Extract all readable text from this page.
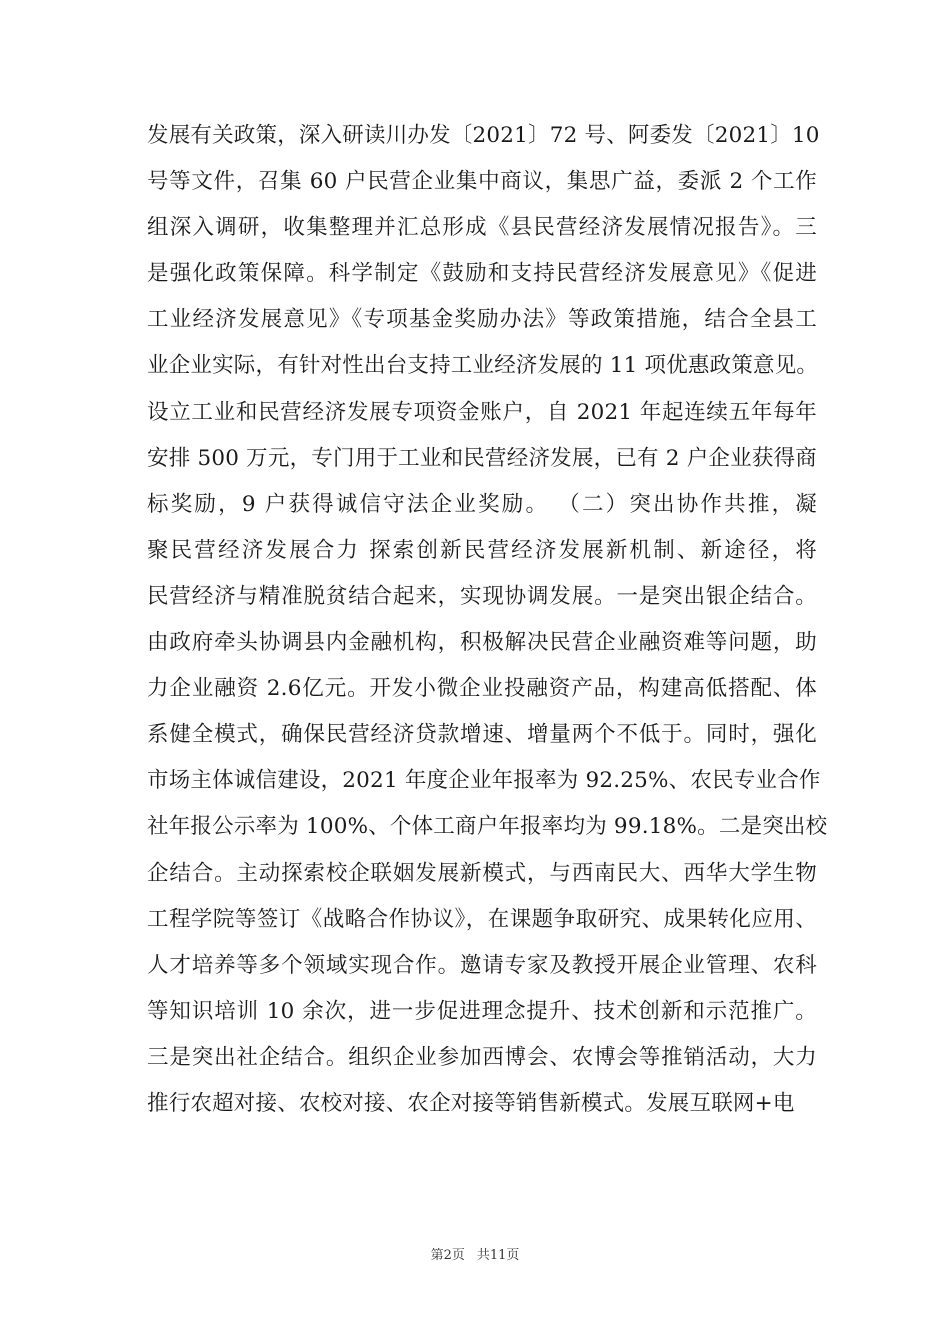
发展有关政策，深入研读川办发〔2021〕72 号、阿委发〔2021〕10
号等文件，召集 60 户民营企业集中商议，集思广益，委派 2 个工作
组深入调研，收集整理并汇总形成《县民营经济发展情况报告》。三
是强化政策保障。科学制定《鼓励和支持民营经济发展意见》《促进
工业经济发展意见》《专项基金奖励办法》等政策措施，结合全县工
业企业实际，有针对性出台支持工业经济发展的 11 项优惠政策意见。
设立工业和民营经济发展专项资金账户，自 2021 年起连续五年每年
安排 500 万元，专门用于工业和民营经济发展，已有 2 户企业获得商
标奖励，9 户获得诚信守法企业奖励。 （二）突出协作共推，凝
聚民营经济发展合力 探索创新民营经济发展新机制、新途径，将
民营经济与精准脱贫结合起来，实现协调发展。一是突出银企结合。
由政府牵头协调县内金融机构，积极解决民营企业融资难等问题，助
力企业融资 2.6亿元。开发小微企业投融资产品，构建高低搭配、体
系健全模式，确保民营经济贷款增速、增量两个不低于。同时，强化
市场主体诚信建设，2021 年度企业年报率为 92.25%、农民专业合作
社年报公示率为 100%、个体工商户年报率均为 99.18%。二是突出校
企结合。主动探索校企联姻发展新模式，与西南民大、西华大学生物
工程学院等签订《战略合作协议》，在课题争取研究、成果转化应用、
人才培养等多个领域实现合作。邀请专家及教授开展企业管理、农科
等知识培训 10 余次，进一步促进理念提升、技术创新和示范推广。
三是突出社企结合。组织企业参加西博会、农博会等推销活动，大力
推行农超对接、农校对接、农企对接等销售新模式。发展互联网+电
第2页 共11页
